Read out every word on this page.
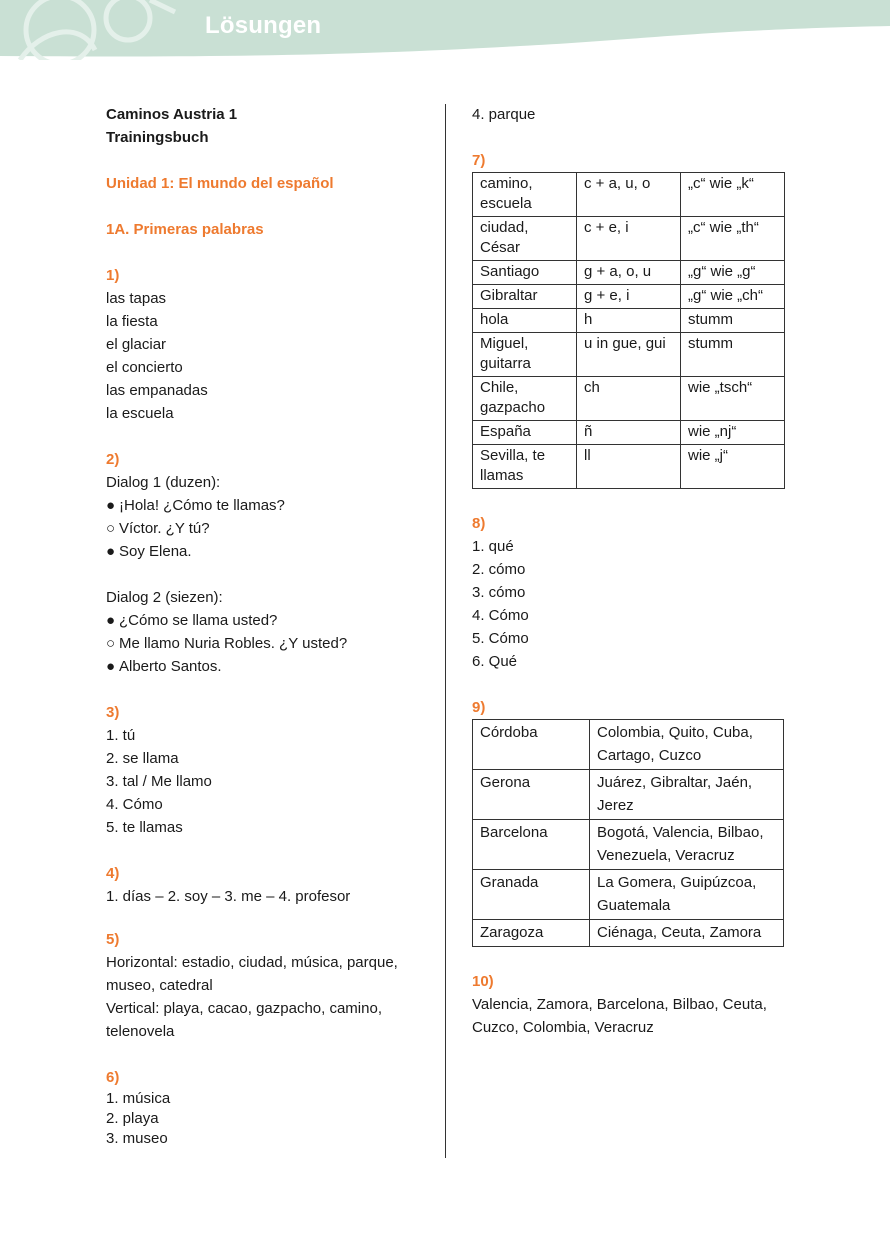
Lösungen
Caminos Austria 1
Trainingsbuch
Unidad 1: El mundo del español
1A. Primeras palabras
1)
las tapas
la fiesta
el glaciar
el concierto
las empanadas
la escuela
2)
Dialog 1 (duzen):
● ¡Hola! ¿Cómo te llamas?
○ Víctor. ¿Y tú?
● Soy Elena.
Dialog 2 (siezen):
● ¿Cómo se llama usted?
○ Me llamo Nuria Robles. ¿Y usted?
● Alberto Santos.
3)
1. tú
2. se llama
3. tal / Me llamo
4. Cómo
5. te llamas
4)
1. días – 2. soy – 3. me – 4. profesor
5)
Horizontal: estadio, ciudad, música, parque,
museo, catedral
Vertical: playa, cacao, gazpacho, camino,
telenovela
6)
1. música
2. playa
3. museo
4. parque
7)
camino, escuela	c + a, u, o	„c“ wie „k“
ciudad, César	c + e, i	„c“ wie „th“
Santiago	g + a, o, u	„g“ wie „g“
Gibraltar	g + e, i	„g“ wie „ch“
hola	h	stumm
Miguel, guitarra	u in gue, gui	stumm
Chile, gazpacho	ch	wie „tsch“
España	ñ	wie „nj“
Sevilla, te llamas	ll	wie „j“
8)
1. qué
2. cómo
3. cómo
4. Cómo
5. Cómo
6. Qué
9)
Córdoba	Colombia, Quito, Cuba, Cartago, Cuzco
Gerona	Juárez, Gibraltar, Jaén, Jerez
Barcelona	Bogotá, Valencia, Bilbao, Venezuela, Veracruz
Granada	La Gomera, Guipúzcoa, Guatemala
Zaragoza	Ciénaga, Ceuta, Zamora
10)
Valencia, Zamora, Barcelona, Bilbao, Ceuta, Cuzco, Colombia, Veracruz
